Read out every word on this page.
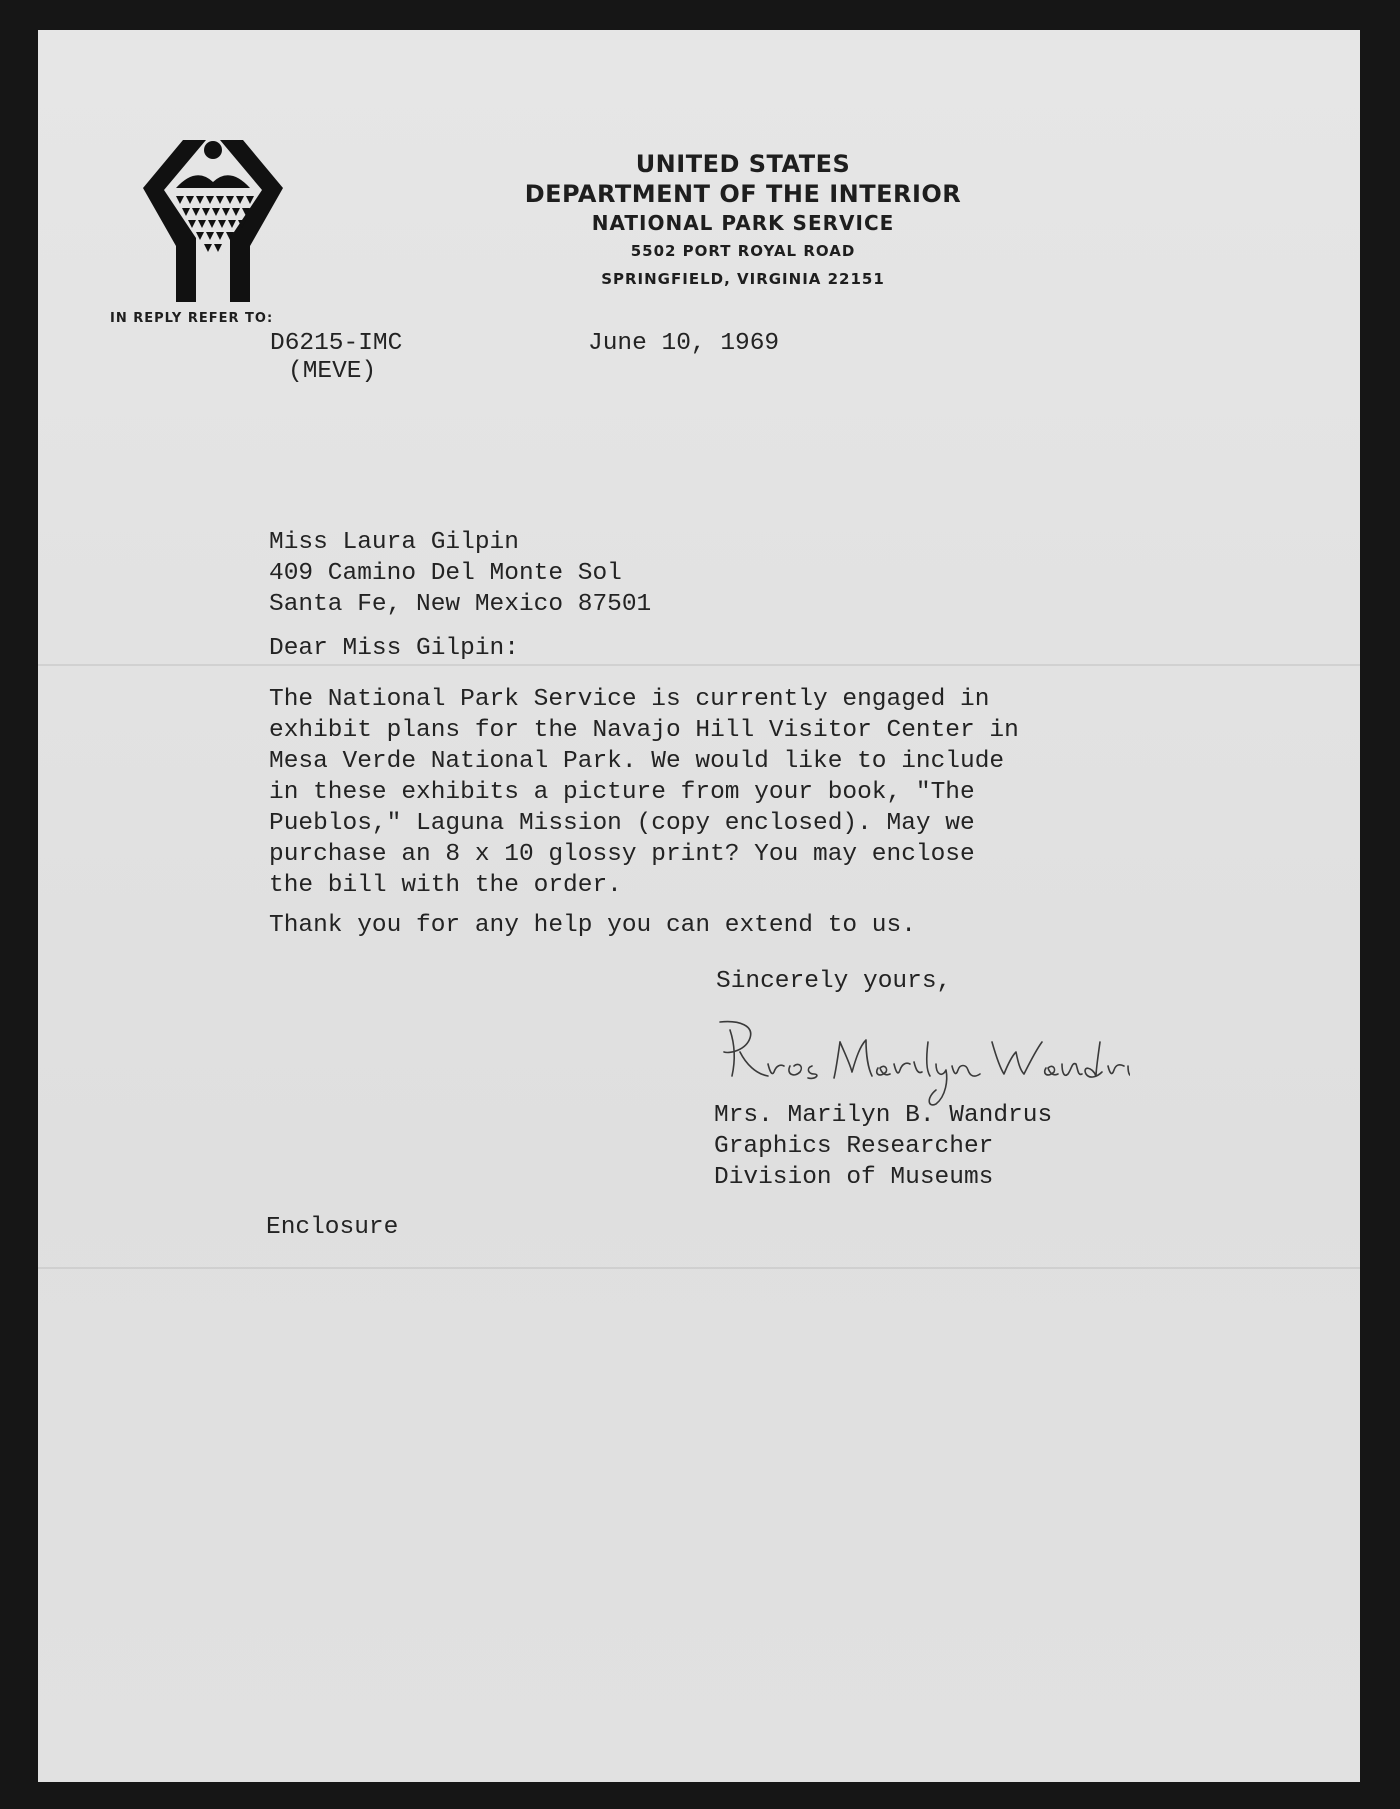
UNITED STATES
DEPARTMENT OF THE INTERIOR
NATIONAL PARK SERVICE
5502 PORT ROYAL ROAD
SPRINGFIELD, VIRGINIA 22151
IN REPLY REFER TO:
D6215-IMC
(MEVE)
June 10, 1969
Miss Laura Gilpin
409 Camino Del Monte Sol
Santa Fe, New Mexico 87501
Dear Miss Gilpin:
The National Park Service is currently engaged in
exhibit plans for the Navajo Hill Visitor Center in
Mesa Verde National Park. We would like to include
in these exhibits a picture from your book, "The
Pueblos," Laguna Mission (copy enclosed). May we
purchase an 8 x 10 glossy print? You may enclose
the bill with the order.
Thank you for any help you can extend to us.
Sincerely yours,
Mrs. Marilyn B. Wandrus
Graphics Researcher
Division of Museums
Enclosure
